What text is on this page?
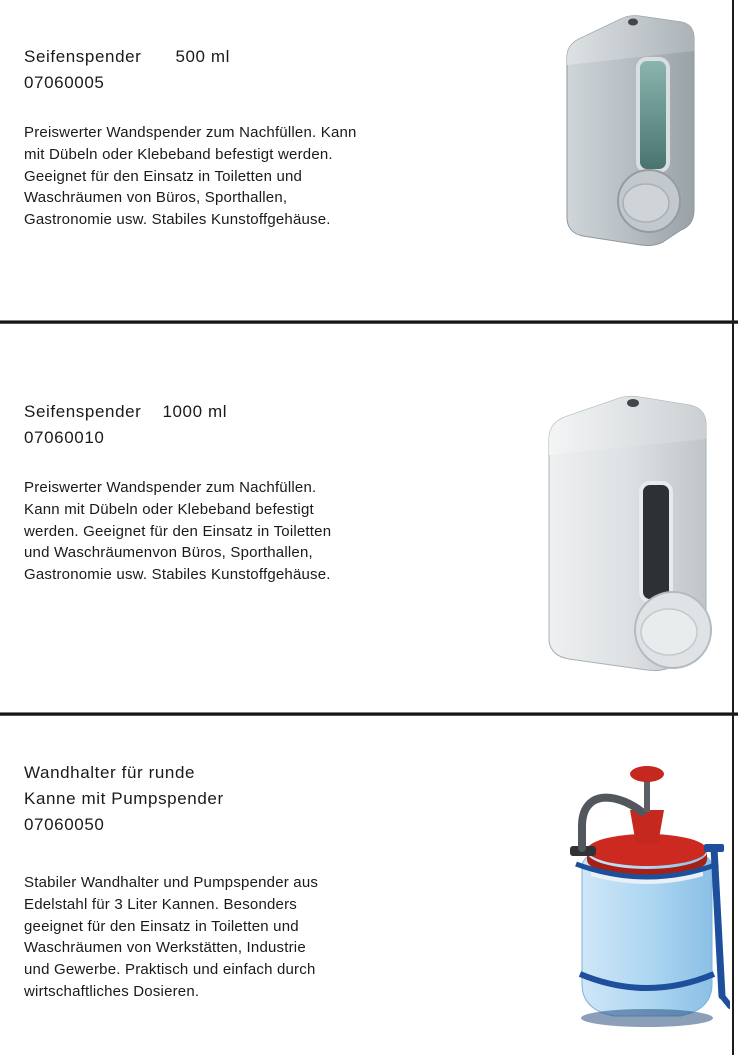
Seifenspender 500 ml
07060005
Preiswerter Wandspender zum Nachfüllen. Kann
mit Dübeln oder Klebeband befestigt werden.
Geeignet für den Einsatz in Toiletten und
Waschräumen von Büros, Sporthallen,
Gastronomie usw. Stabiles Kunstoffgehäuse.
Seifenspender 1000 ml
07060010
Preiswerter Wandspender zum Nachfüllen.
Kann mit Dübeln oder Klebeband befestigt
werden. Geeignet für den Einsatz in Toiletten
und Waschräumenvon Büros, Sporthallen,
Gastronomie usw. Stabiles Kunstoffgehäuse.
Wandhalter für runde
Kanne mit Pumpspender
07060050
Stabiler Wandhalter und Pumpspender aus
Edelstahl für 3 Liter Kannen. Besonders
geeignet für den Einsatz in Toiletten und
Waschräumen von Werkstätten, Industrie
und Gewerbe. Praktisch und einfach durch
wirtschaftliches Dosieren.
